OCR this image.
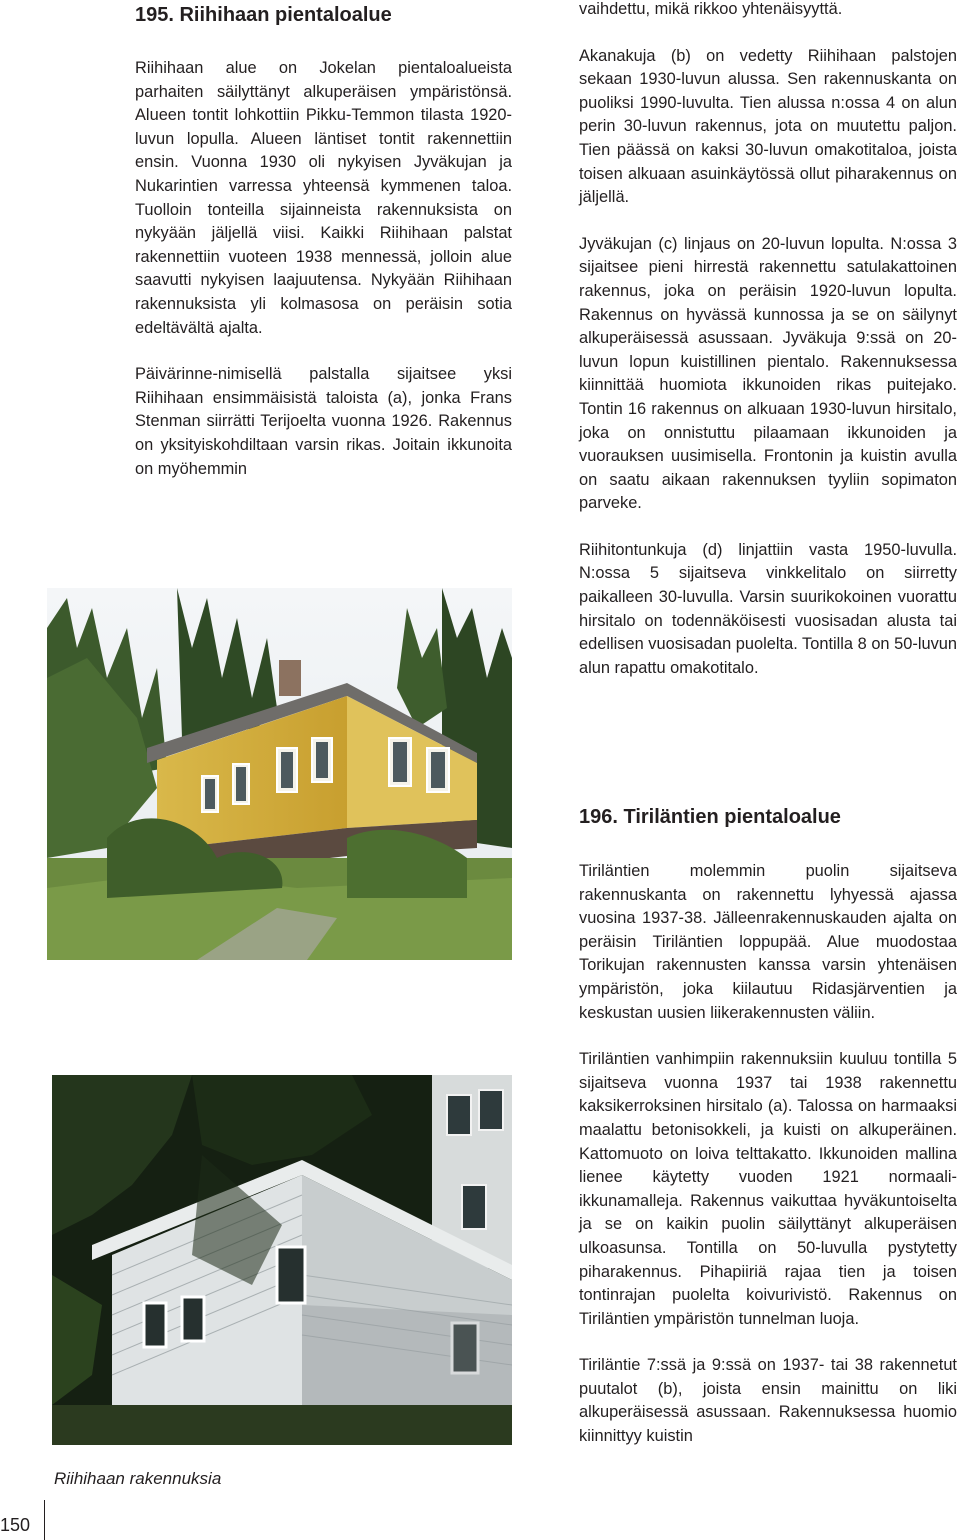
195. Riihihaan pientaloalue

Riihihaan alue on Jokelan pientaloalueista parhaiten säilyttänyt alkuperäisen ympäristönsä. Alueen tontit lohkottiin Pikku-Temmon tilasta 1920-luvun lopulla. Alueen läntiset tontit rakennettiin ensin. Vuonna 1930 oli nykyisen Jyväkujan ja Nukarintien varressa yhteensä kymmenen taloa. Tuolloin tonteilla sijainneista rakennuksista on nykyään jäljellä viisi. Kaikki Riihihaan palstat rakennettiin vuoteen 1938 mennessä, jolloin alue saavutti nykyisen laajuutensa. Nykyään Riihihaan rakennuksista yli kolmasosa on peräisin sotia edeltävältä ajalta.

Päivärinne-nimisellä palstalla sijaitsee yksi Riihihaan ensimmäisistä taloista (a), jonka Frans Stenman siirrätti Terijoelta vuonna 1926. Rakennus on yksityiskohdiltaan varsin rikas. Joitain ikkunoita on myöhemmin

vaihdettu, mikä rikkoo yhtenäisyyttä.

Akanakuja (b) on vedetty Riihihaan palstojen sekaan 1930-luvun alussa. Sen rakennuskanta on puoliksi 1990-luvulta. Tien alussa n:ossa 4 on alun perin 30-luvun rakennus, jota on muutettu paljon. Tien päässä on kaksi 30-luvun omakotitaloa, joista toisen alkuaan asuinkäytössä ollut piharakennus on jäljellä.

Jyväkujan (c) linjaus on 20-luvun lopulta. N:ossa 3 sijaitsee pieni hirrestä rakennettu satulakattoinen rakennus, joka on peräisin 1920-luvun lopulta. Rakennus on hyvässä kunnossa ja se on säilynyt alkuperäisessä asussaan. Jyväkuja 9:ssä on 20-luvun lopun kuistillinen pientalo. Rakennuksessa kiinnittää huomiota ikkunoiden rikas puitejako. Tontin 16 rakennus on alkuaan 1930-luvun hirsitalo, joka on onnistuttu pilaamaan ikkunoiden ja vuorauksen uusimisella. Frontonin ja kuistin avulla on saatu aikaan rakennuksen tyyliin sopimaton parveke.

Riihitontunkuja (d) linjattiin vasta 1950-luvulla. N:ossa 5 sijaitseva vinkkelitalo on siirretty paikalleen 30-luvulla. Varsin suurikokoinen vuorattu hirsitalo on todennäköisesti vuosisadan alusta tai edellisen vuosisadan puolelta. Tontilla 8 on 50-luvun alun rapattu omakotitalo.

196. Tiriläntien pientaloalue

Tiriläntien molemmin puolin sijaitseva rakennuskanta on rakennettu lyhyessä ajassa vuosina 1937-38. Jälleenrakennuskauden ajalta on peräisin Tiriläntien loppupää. Alue muodostaa Torikujan rakennusten kanssa varsin yhtenäisen ympäristön, joka kiilautuu Ridasjärventien ja keskustan uusien liikerakennusten väliin.

Tiriläntien vanhimpiin rakennuksiin kuuluu tontilla 5 sijaitseva vuonna 1937 tai 1938 rakennettu kaksikerroksinen hirsitalo (a). Talossa on harmaaksi maalattu betonisokkeli, ja kuisti on alkuperäinen. Kattomuoto on loiva telttakatto. Ikkunoiden mallina lienee käytetty vuoden 1921 normaali-ikkunamalleja. Rakennus vaikuttaa hyväkuntoiselta ja se on kaikin puolin säilyttänyt alkuperäisen ulkoasunsa. Tontilla on 50-luvulla pystytetty piharakennus. Pihapiiriä rajaa tien ja toisen tontinrajan puolelta koivurivistö. Rakennus on Tiriläntien ympäristön tunnelman luoja.

Tiriläntie 7:ssä ja 9:ssä on 1937- tai 38 rakennetut puutalot (b), joista ensin mainittu on liki alkuperäisessä asussaan. Rakennuksessa huomio kiinnittyy kuistin

Riihihaan rakennuksia

150
